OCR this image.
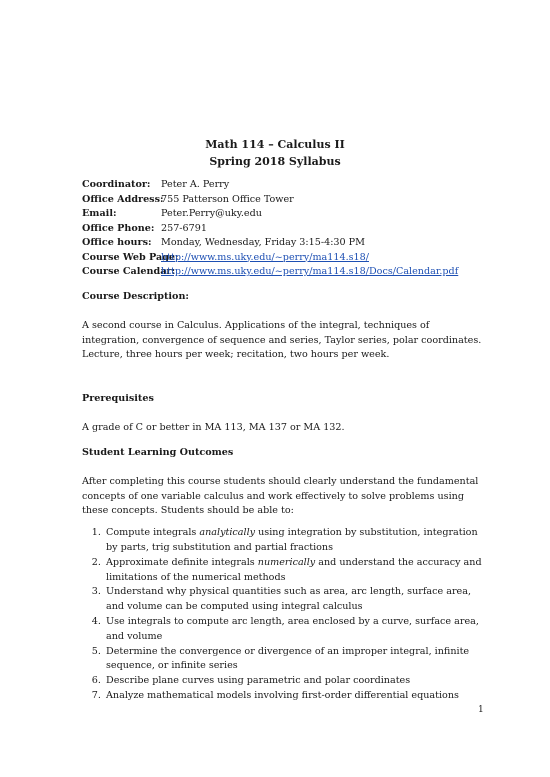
Math 114 – Calculus II
Spring 2018 Syllabus
Coordinator:	Peter A. Perry
Office Address:
755 Patterson Office Tower
Email:	Peter.Perry@uky.edu
Office Phone: 257-6791
Office hours: Monday, Wednesday, Friday 3:15-4:30 PM
Course Web Page:
http://www.ms.uky.edu/~perry/ma114.s18/
Course Calendar:
http://www.ms.uky.edu/~perry/ma114.s18/Docs/Calendar.pdf
Course Description:
A second course in Calculus. Applications of the integral, techniques of integration, convergence of sequence and series, Taylor series, polar coordinates. Lecture, three hours per week; recitation, two hours per week.
Prerequisites
A grade of C or better in MA 113, MA 137 or MA 132.
Student Learning Outcomes
After completing this course students should clearly understand the fundamental concepts of one variable calculus and work effectively to solve problems using these concepts. Students should be able to:
1. Compute integrals analytically using integration by substitution, integration by parts, trig substitution and partial fractions
2. Approximate definite integrals numerically and understand the accuracy and limitations of the numerical methods
3. Understand why physical quantities such as area, arc length, surface area, and volume can be computed using integral calculus
4. Use integrals to compute arc length, area enclosed by a curve, surface area, and volume
5. Determine the convergence or divergence of an improper integral, infinite sequence, or infinite series
6. Describe plane curves using parametric and polar coordinates
7. Analyze mathematical models involving first-order differential equations
1
